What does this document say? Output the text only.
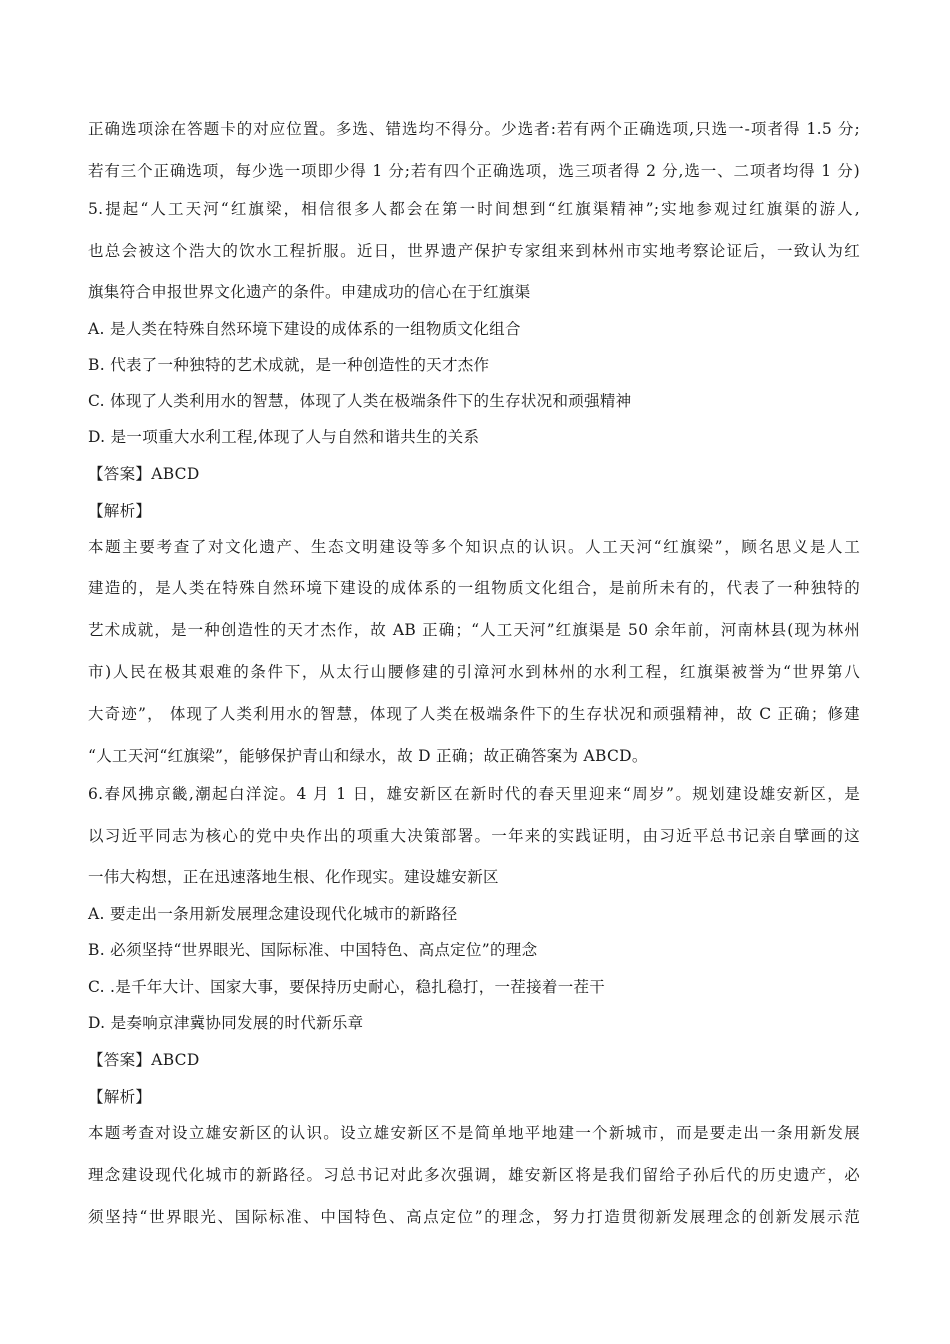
正确选项涂在答题卡的对应位置。多选、错选均不得分。少选者:若有两个正确选项,只选一-项者得 1.5 分;
若有三个正确选项，每少选一项即少得 1 分;若有四个正确选项，选三项者得 2 分,选一、二项者均得 1 分)
5.提起“人工天河“红旗梁，相信很多人都会在第一时间想到“红旗渠精神”;实地参观过红旗渠的游人,
也总会被这个浩大的饮水工程折服。近日，世界遗产保护专家组来到林州市实地考察论证后，一致认为红
旗集符合申报世界文化遗产的条件。申建成功的信心在于红旗渠
A. 是人类在特殊自然环境下建设的成体系的一组物质文化组合
B. 代表了一种独特的艺术成就，是一种创造性的天才杰作
C. 体现了人类利用水的智慧，体现了人类在极端条件下的生存状况和顽强精神
D. 是一项重大水利工程,体现了人与自然和谐共生的关系
【答案】ABCD
【解析】
本题主要考查了对文化遗产、生态文明建设等多个知识点的认识。人工天河“红旗梁”，顾名思义是人工
建造的，是人类在特殊自然环境下建设的成体系的一组物质文化组合，是前所未有的，代表了一种独特的
艺术成就，是一种创造性的天才杰作，故 AB 正确；“人工天河”红旗渠是 50 余年前，河南林县(现为林州
市)人民在极其艰难的条件下，从太行山腰修建的引漳河水到林州的水利工程，红旗渠被誉为“世界第八
大奇迹”， 体现了人类利用水的智慧，体现了人类在极端条件下的生存状况和顽强精神，故 C 正确；修建
“人工天河“红旗梁”，能够保护青山和绿水，故 D 正确；故正确答案为 ABCD。
6.春风拂京畿,潮起白洋淀。4 月 1 日，雄安新区在新时代的春天里迎来“周岁”。规划建设雄安新区，是
以习近平同志为核心的党中央作出的项重大决策部署。一年来的实践证明，由习近平总书记亲自擘画的这
一伟大构想，正在迅速落地生根、化作现实。建设雄安新区
A. 要走出一条用新发展理念建设现代化城市的新路径
B. 必须坚持“世界眼光、国际标准、中国特色、高点定位”的理念
C. .是千年大计、国家大事，要保持历史耐心，稳扎稳打，一茬接着一茬干
D. 是奏响京津冀协同发展的时代新乐章
【答案】ABCD
【解析】
本题考查对设立雄安新区的认识。设立雄安新区不是简单地平地建一个新城市，而是要走出一条用新发展
理念建设现代化城市的新路径。习总书记对此多次强调，雄安新区将是我们留给子孙后代的历史遗产，必
须坚持“世界眼光、国际标准、中国特色、高点定位”的理念，努力打造贯彻新发展理念的创新发展示范
